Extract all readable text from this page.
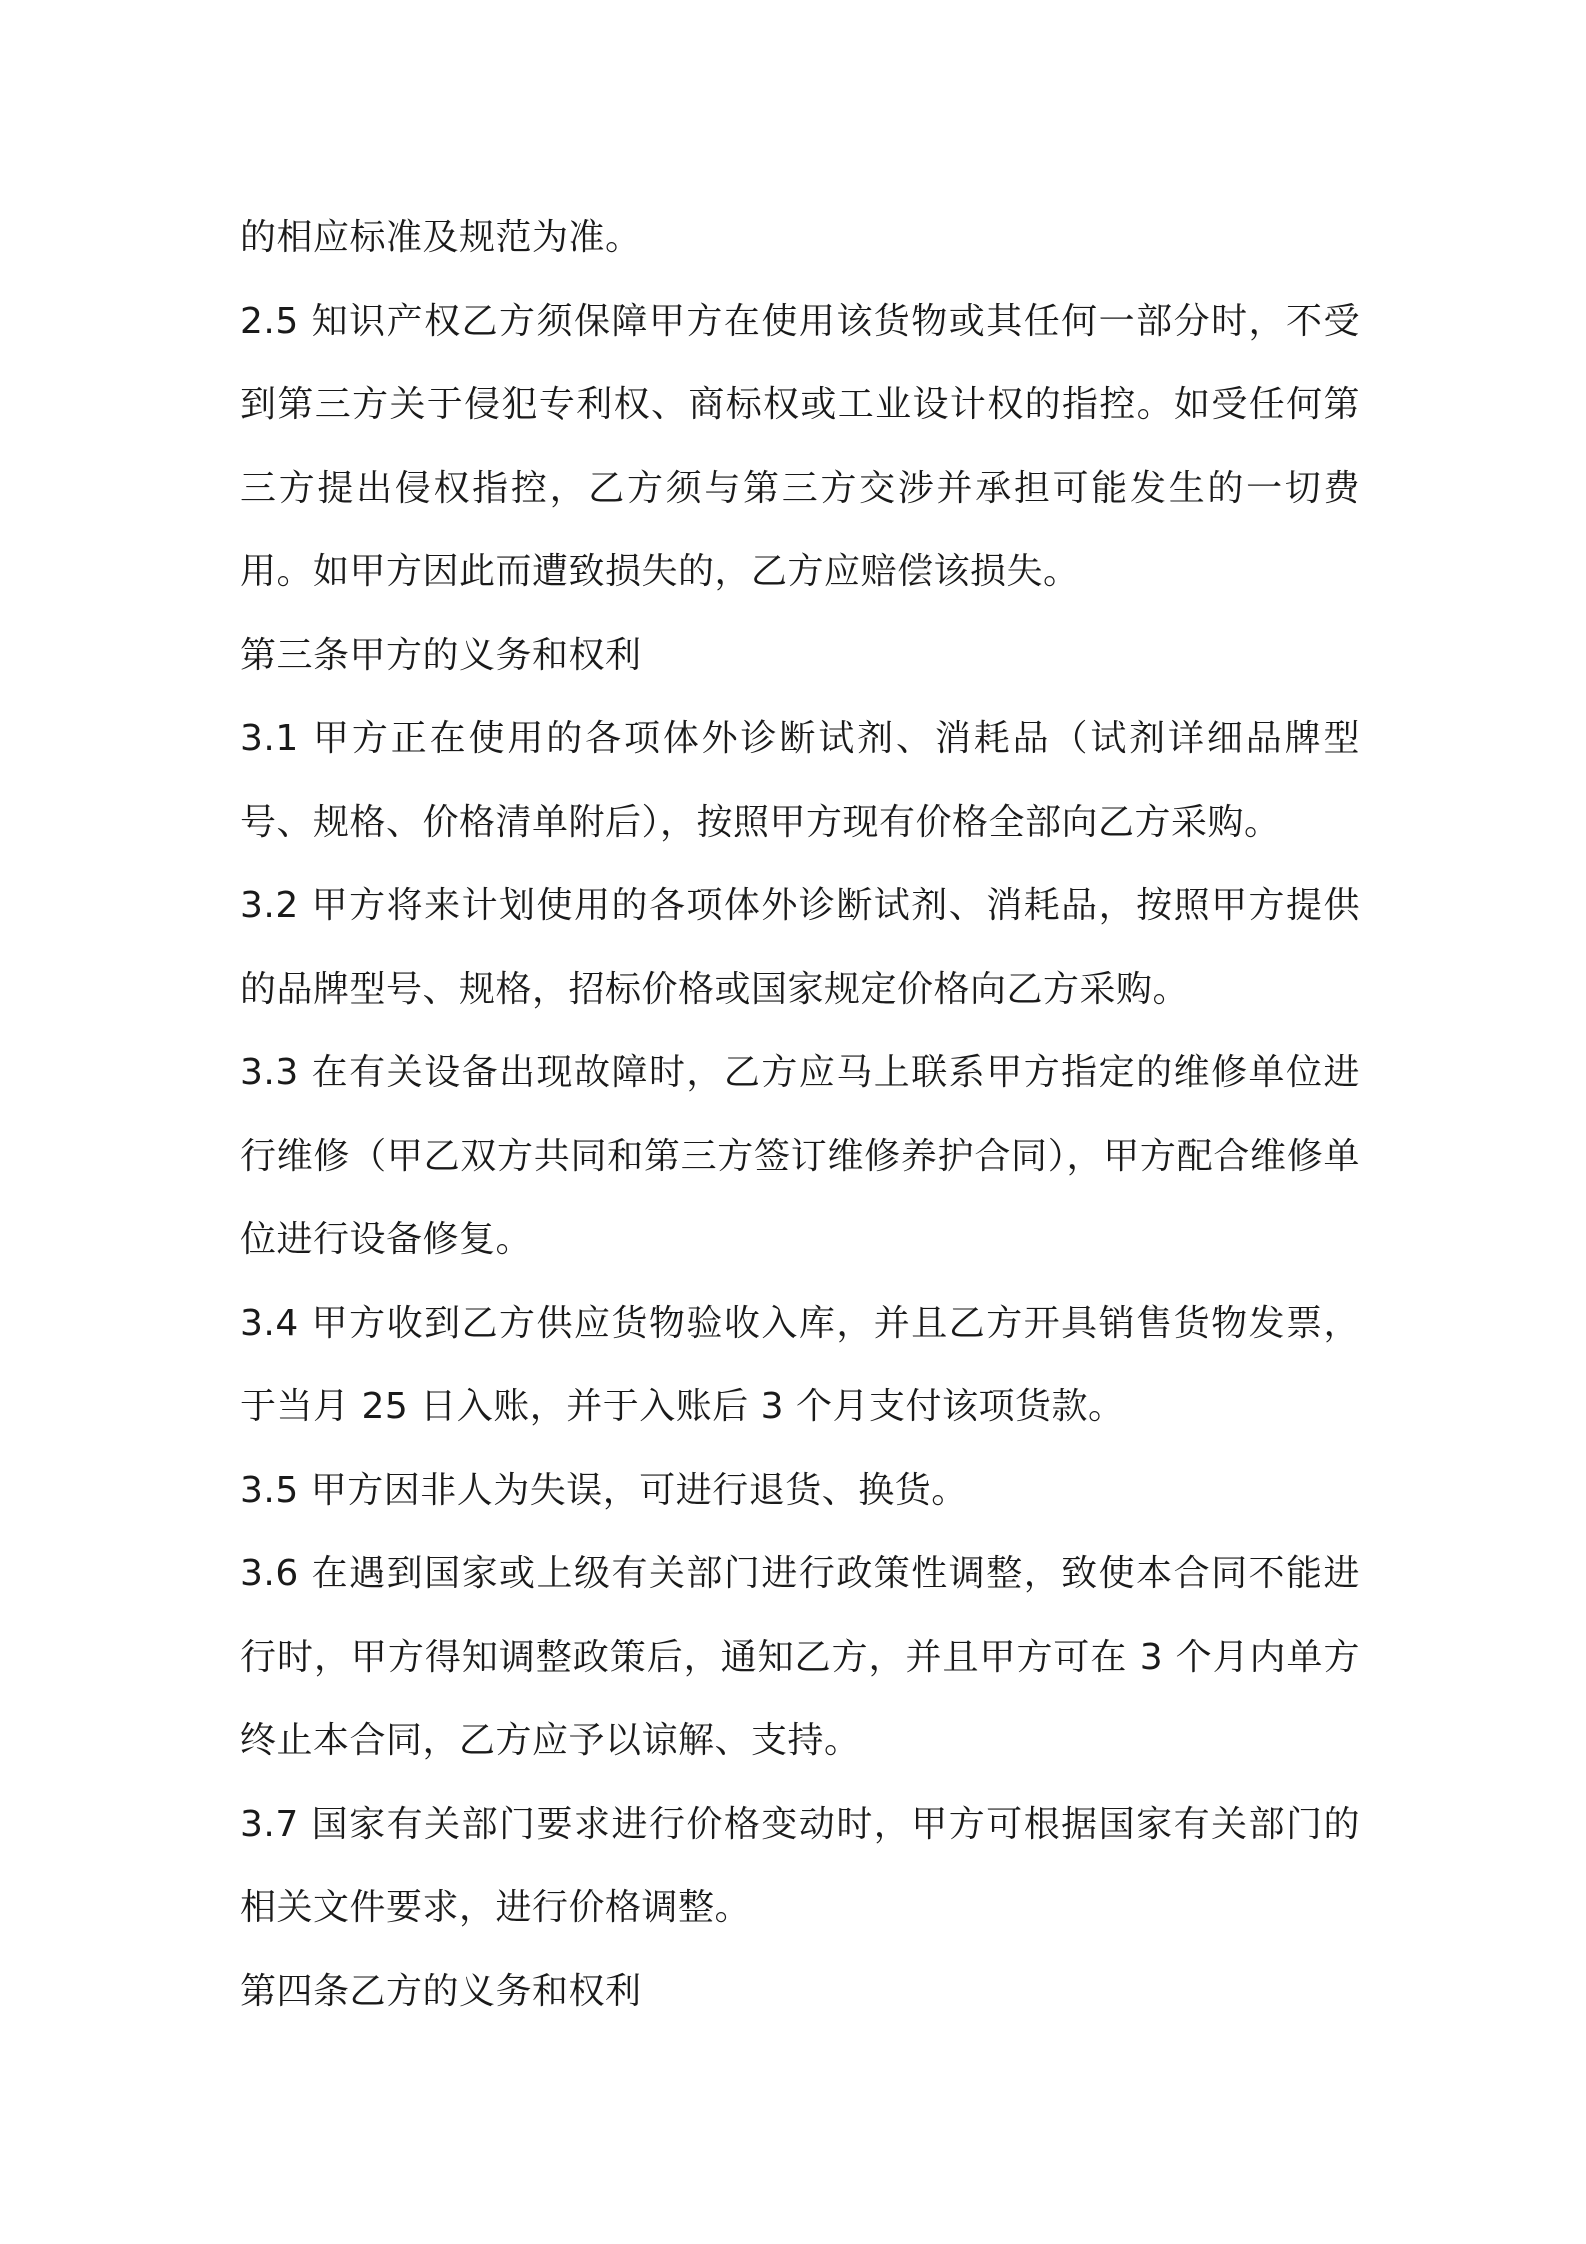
的相应标准及规范为准。

2.5 知识产权乙方须保障甲方在使用该货物或其任何一部分时，不受到第三方关于侵犯专利权、商标权或工业设计权的指控。如受任何第三方提出侵权指控，乙方须与第三方交涉并承担可能发生的一切费用。如甲方因此而遭致损失的，乙方应赔偿该损失。

第三条甲方的义务和权利

3.1 甲方正在使用的各项体外诊断试剂、消耗品（试剂详细品牌型号、规格、价格清单附后），按照甲方现有价格全部向乙方采购。

3.2 甲方将来计划使用的各项体外诊断试剂、消耗品，按照甲方提供的品牌型号、规格，招标价格或国家规定价格向乙方采购。

3.3 在有关设备出现故障时，乙方应马上联系甲方指定的维修单位进行维修（甲乙双方共同和第三方签订维修养护合同），甲方配合维修单位进行设备修复。

3.4 甲方收到乙方供应货物验收入库，并且乙方开具销售货物发票，于当月 25 日入账，并于入账后 3 个月支付该项货款。

3.5 甲方因非人为失误，可进行退货、换货。

3.6 在遇到国家或上级有关部门进行政策性调整，致使本合同不能进行时，甲方得知调整政策后，通知乙方，并且甲方可在 3 个月内单方终止本合同，乙方应予以谅解、支持。

3.7 国家有关部门要求进行价格变动时，甲方可根据国家有关部门的相关文件要求，进行价格调整。

第四条乙方的义务和权利
